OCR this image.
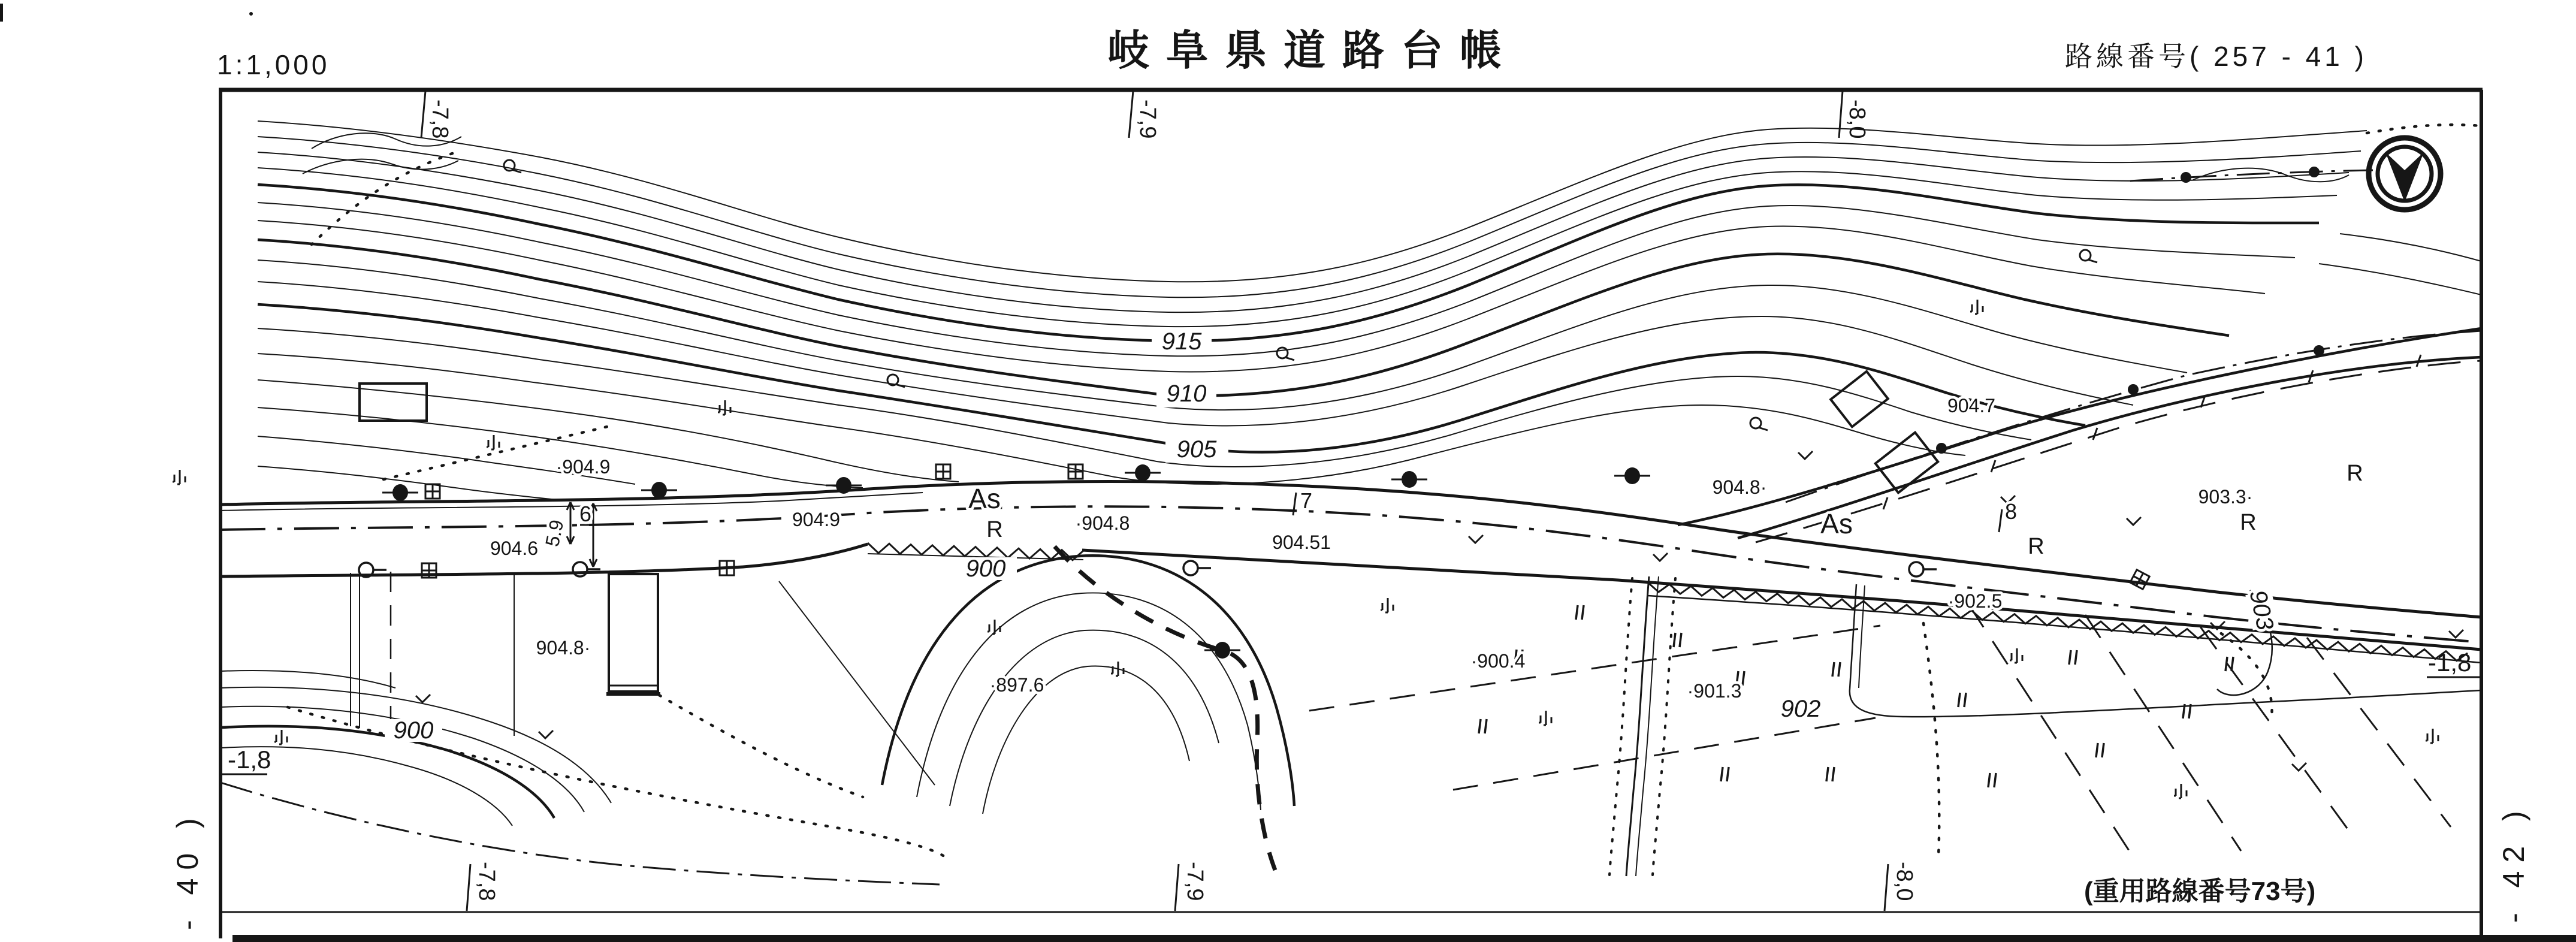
1:1,000	岐阜県道路台帳	路線番号( 257 - 41 )
-7,8	-7,9	-8,0
-7,8	-7,9	-8,0
-1,8
-1,8
- 40 )	- 42 )
(重用路線番号73号)
915
910
905
900
900
902
903
·904.9
904.6
904.9	·904.8
904.51
904.8·
·897.6
·900.4
·901.3
·902.5
903.3·
904.7
904.8·
As
As
R
R
R
R
7	8
5.9
6
